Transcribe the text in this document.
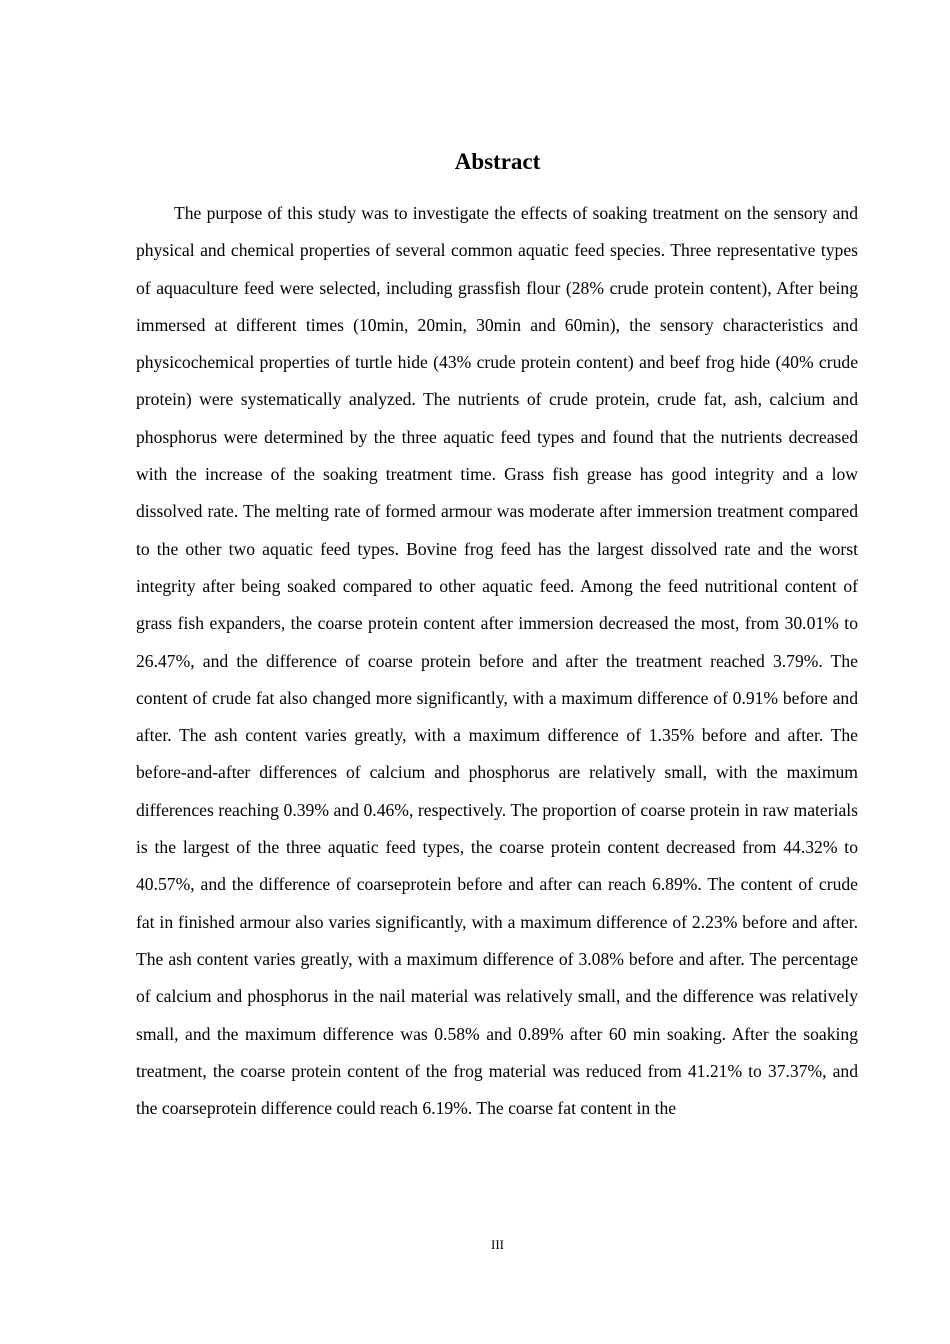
Abstract

The purpose of this study was to investigate the effects of soaking treatment on the sensory and physical and chemical properties of several common aquatic feed species. Three representative types of aquaculture feed were selected, including grassfish flour (28% crude protein content), After being immersed at different times (10min, 20min, 30min and 60min), the sensory characteristics and physicochemical properties of turtle hide (43% crude protein content) and beef frog hide (40% crude protein) were systematically analyzed. The nutrients of crude protein, crude fat, ash, calcium and phosphorus were determined by the three aquatic feed types and found that the nutrients decreased with the increase of the soaking treatment time. Grass fish grease has good integrity and a low dissolved rate. The melting rate of formed armour was moderate after immersion treatment compared to the other two aquatic feed types. Bovine frog feed has the largest dissolved rate and the worst integrity after being soaked compared to other aquatic feed. Among the feed nutritional content of grass fish expanders, the coarse protein content after immersion decreased the most, from 30.01% to 26.47%, and the difference of coarse protein before and after the treatment reached 3.79%. The content of crude fat also changed more significantly, with a maximum difference of 0.91% before and after. The ash content varies greatly, with a maximum difference of 1.35% before and after. The before-and-after differences of calcium and phosphorus are relatively small, with the maximum differences reaching 0.39% and 0.46%, respectively. The proportion of coarse protein in raw materials is the largest of the three aquatic feed types, the coarse protein content decreased from 44.32% to 40.57%, and the difference of coarseprotein before and after can reach 6.89%. The content of crude fat in finished armour also varies significantly, with a maximum difference of 2.23% before and after. The ash content varies greatly, with a maximum difference of 3.08% before and after. The percentage of calcium and phosphorus in the nail material was relatively small, and the difference was relatively small, and the maximum difference was 0.58% and 0.89% after 60 min soaking. After the soaking treatment, the coarse protein content of the frog material was reduced from 41.21% to 37.37%, and the coarseprotein difference could reach 6.19%. The coarse fat content in the

III
